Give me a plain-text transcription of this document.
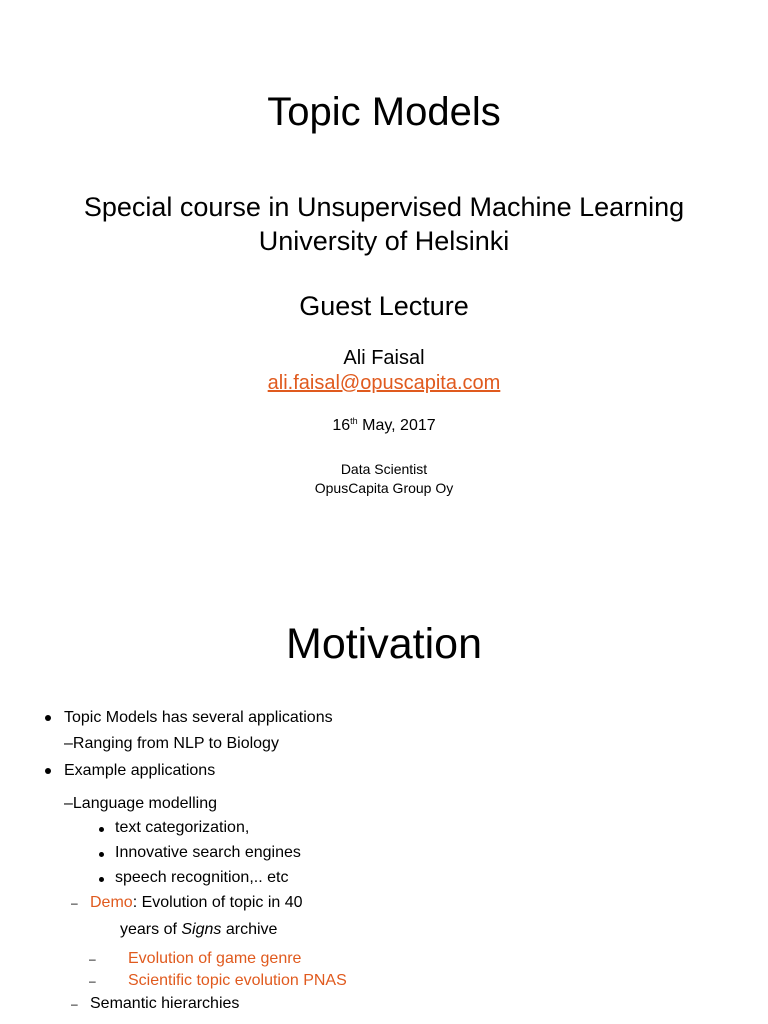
Topic Models
Special course in Unsupervised Machine Learning
University of Helsinki
Guest Lecture
Ali Faisal
ali.faisal@opuscapita.com
16th May, 2017
Data Scientist
OpusCapita Group Oy
Motivation
Topic Models has several applications
–Ranging from NLP to Biology
Example applications
–Language modelling
text categorization,
Innovative search engines
speech recognition,.. etc
– Demo: Evolution of topic in 40
years of Signs archive
– Evolution of game genre
– Scientific topic evolution PNAS
– Semantic hierarchies
